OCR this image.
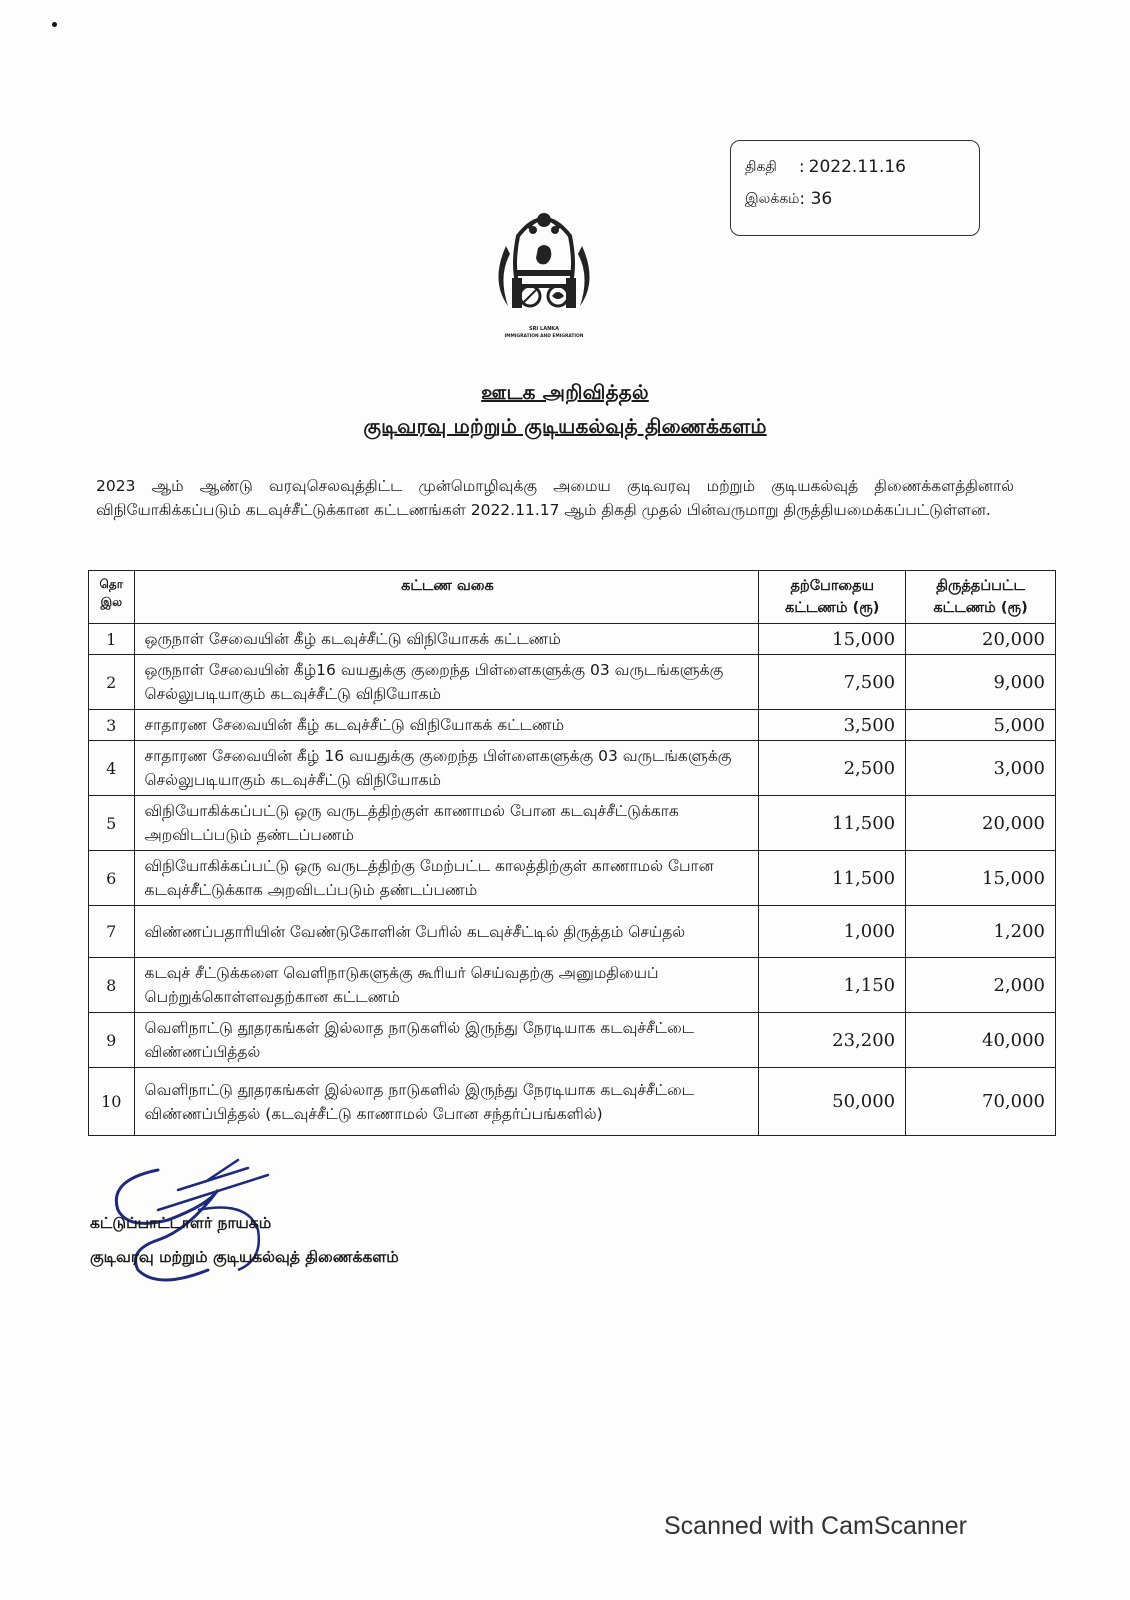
திகதி : 2022.11.16
இலக்கம் : 36
SRI LANKA
IMMIGRATION AND EMIGRATION
ஊடக அறிவித்தல்
குடிவரவு மற்றும் குடியகல்வுத் திணைக்களம்
2023 ஆம் ஆண்டு வரவுசெலவுத்திட்ட முன்மொழிவுக்கு அமைய குடிவரவு மற்றும் குடியகல்வுத் திணைக்களத்தினால் விநியோகிக்கப்படும் கடவுச்சீட்டுக்கான கட்டணங்கள் 2022.11.17 ஆம் திகதி முதல் பின்வருமாறு திருத்தியமைக்கப்பட்டுள்ளன.
தொ இல	கட்டண வகை	தற்போதைய கட்டணம் (ரூ)	திருத்தப்பட்ட கட்டணம் (ரூ)
1	ஒருநாள் சேவையின் கீழ் கடவுச்சீட்டு விநியோகக் கட்டணம்	15,000	20,000
2	ஒருநாள் சேவையின் கீழ்16 வயதுக்கு குறைந்த பிள்ளைகளுக்கு 03 வருடங்களுக்கு செல்லுபடியாகும் கடவுச்சீட்டு விநியோகம்	7,500	9,000
3	சாதாரண சேவையின் கீழ் கடவுச்சீட்டு விநியோகக் கட்டணம்	3,500	5,000
4	சாதாரண சேவையின் கீழ் 16 வயதுக்கு குறைந்த பிள்ளைகளுக்கு 03 வருடங்களுக்கு செல்லுபடியாகும் கடவுச்சீட்டு விநியோகம்	2,500	3,000
5	விநியோகிக்கப்பட்டு ஒரு வருடத்திற்குள் காணாமல் போன கடவுச்சீட்டுக்காக அறவிடப்படும் தண்டப்பணம்	11,500	20,000
6	விநியோகிக்கப்பட்டு ஒரு வருடத்திற்கு மேற்பட்ட காலத்திற்குள் காணாமல் போன கடவுச்சீட்டுக்காக அறவிடப்படும் தண்டப்பணம்	11,500	15,000
7	விண்ணப்பதாரியின் வேண்டுகோளின் பேரில் கடவுச்சீட்டில் திருத்தம் செய்தல்	1,000	1,200
8	கடவுச் சீட்டுக்களை வெளிநாடுகளுக்கு கூரியர் செய்வதற்கு அனுமதியைப் பெற்றுக்கொள்ளவதற்கான கட்டணம்	1,150	2,000
9	வெளிநாட்டு தூதரகங்கள் இல்லாத நாடுகளில் இருந்து நேரடியாக கடவுச்சீட்டை விண்ணப்பித்தல்	23,200	40,000
10	வெளிநாட்டு தூதரகங்கள் இல்லாத நாடுகளில் இருந்து நேரடியாக கடவுச்சீட்டை விண்ணப்பித்தல் (கடவுச்சீட்டு காணாமல் போன சந்தர்ப்பங்களில்)	50,000	70,000
கட்டுப்பாட்டாளர் நாயகம்
குடிவரவு மற்றும் குடியகல்வுத் திணைக்களம்
Scanned with CamScanner
